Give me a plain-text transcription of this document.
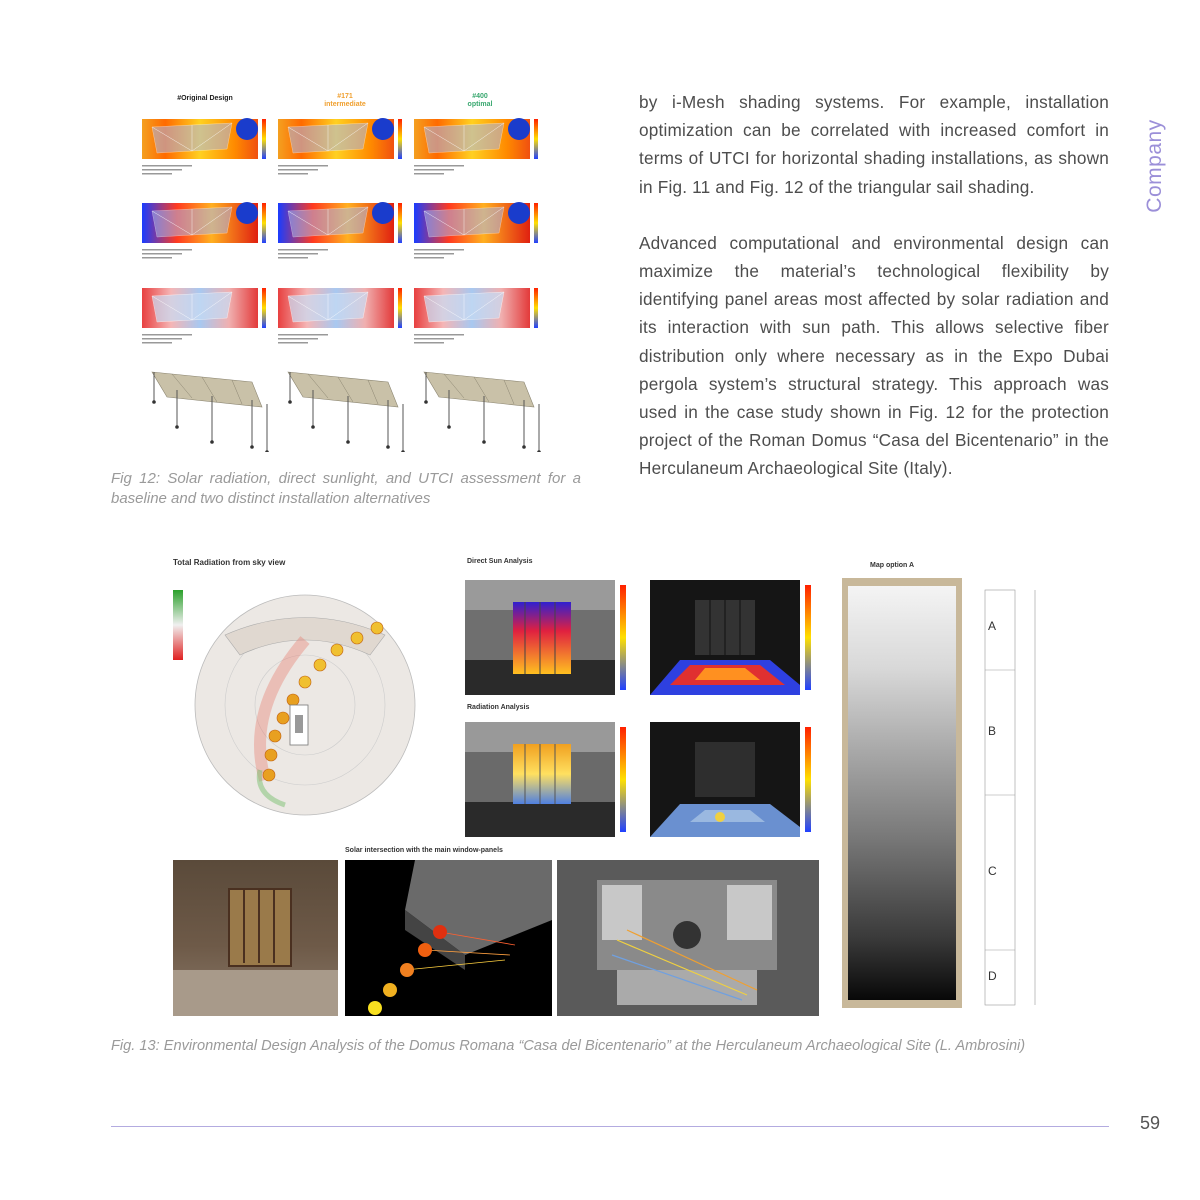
Company

by i-Mesh shading systems. For example, installation optimization can be correlated with increased comfort in terms of UTCI for horizontal shading installations, as shown in Fig. 11 and Fig. 12 of the triangular sail shading.

Advanced computational and environmental design can maximize the material’s technological flexibility by identifying panel areas most affected by solar radiation and its interaction with sun path. This allows selective fiber distribution only where necessary as in the Expo Dubai pergola system’s structural strategy. This approach was used in the case study shown in Fig. 12 for the protection project of the Roman Domus “Casa del Bicentenario” in the Herculaneum Archaeological Site (Italy).

#Original Design	#171
intermediate
#400
optimal
Fig 12: Solar radiation, direct sunlight, and UTCI assessment for a baseline and two distinct installation alternatives
Total Radiation from sky view	Direct Sun Analysis
Radiation Analysis
Map option A
A
B
C
D
Solar intersection with the main window-panels
Fig. 13: Environmental Design Analysis of the Domus Romana “Casa del Bicentenario” at the Herculaneum Archaeological Site (L. Ambrosini)
59
